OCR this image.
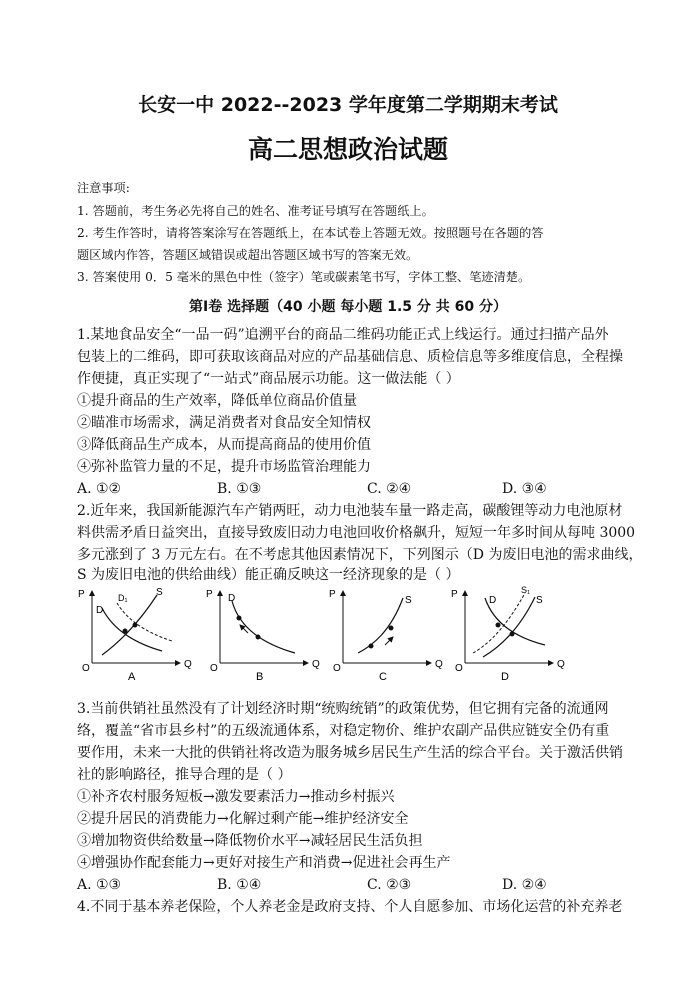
长安一中 2022--2023 学年度第二学期期末考试
高二思想政治试题
注意事项:
1. 答题前，考生务必先将自己的姓名、准考证号填写在答题纸上。
2. 考生作答时，请将答案涂写在答题纸上，在本试卷上答题无效。按照题号在各题的答
题区域内作答，答题区域错误或超出答题区域书写的答案无效。
3. 答案使用 0．5 毫米的黑色中性（签字）笔或碳素笔书写，字体工整、笔迹清楚。
第Ⅰ卷 选择题（40 小题 每小题 1.5 分 共 60 分）
1.某地食品安全“一品一码”追溯平台的商品二维码功能正式上线运行。通过扫描产品外
包装上的二维码，即可获取该商品对应的产品基础信息、质检信息等多维度信息，全程操
作便捷，真正实现了“一站式”商品展示功能。这一做法能（ ）
①提升商品的生产效率，降低单位商品价值量
②瞄准市场需求，满足消费者对食品安全知情权
③降低商品生产成本，从而提高商品的使用价值
④弥补监管力量的不足，提升市场监管治理能力
A. ①②	B. ①③	C. ②④	D. ③④
2.近年来，我国新能源汽车产销两旺，动力电池装车量一路走高，碳酸锂等动力电池原材
料供需矛盾日益突出，直接导致废旧动力电池回收价格飙升，短短一年多时间从每吨 3000
多元涨到了 3 万元左右。在不考虑其他因素情况下，下列图示（D 为废旧电池的需求曲线，
S 为废旧电池的供给曲线）能正确反映这一经济现象的是（ ）
P
Q
O
D
D₁	S
A
P
Q
O
D
B
P
Q
O
S
C
P
Q
O
D
S₁
S
D
3.当前供销社虽然没有了计划经济时期“统购统销”的政策优势，但它拥有完备的流通网
络，覆盖“省市县乡村”的五级流通体系，对稳定物价、维护农副产品供应链安全仍有重
要作用，未来一大批的供销社将改造为服务城乡居民生产生活的综合平台。关于激活供销
社的影响路径，推导合理的是（ ）
①补齐农村服务短板→激发要素活力→推动乡村振兴
②提升居民的消费能力→化解过剩产能→维护经济安全
③增加物资供给数量→降低物价水平→减轻居民生活负担
④增强协作配套能力→更好对接生产和消费→促进社会再生产
A. ①③	B. ①④	C. ②③	D. ②④
4.不同于基本养老保险，个人养老金是政府支持、个人自愿参加、市场化运营的补充养老
